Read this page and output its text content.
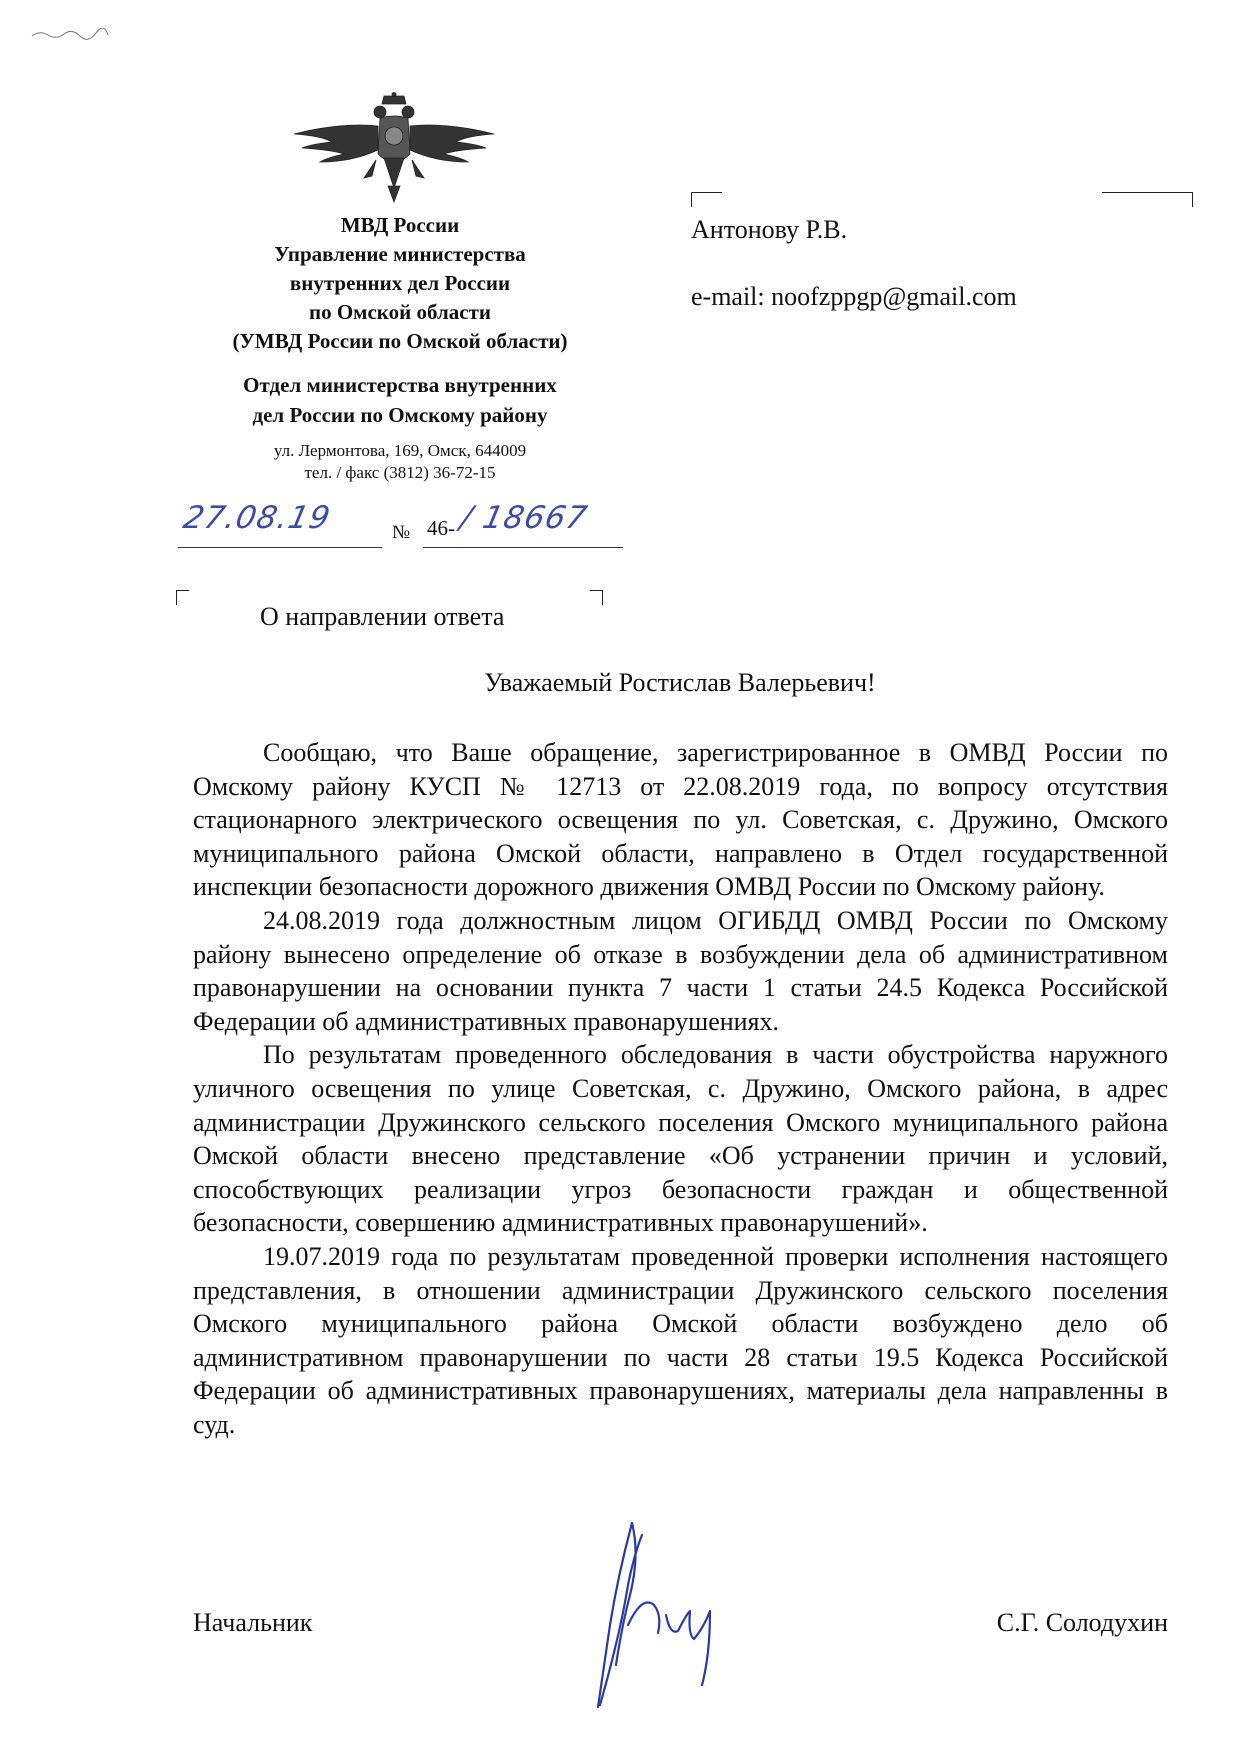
МВД России
Управление министерства
внутренних дел России
по Омской области
(УМВД России по Омской области)
Отдел министерства внутренних
дел России по Омскому району
ул. Лермонтова, 169, Омск, 644009
тел. / факс (3812) 36-72-15
27.08.19	№ 46- / 18667
Антонову Р.В.
e-mail: noofzppgp@gmail.com
О направлении ответа
Уважаемый Ростислав Валерьевич!

Сообщаю, что Ваше обращение, зарегистрированное в ОМВД России по Омскому району КУСП № 12713 от 22.08.2019 года, по вопросу отсутствия стационарного электрического освещения по ул. Советская, с. Дружино, Омского муниципального района Омской области, направлено в Отдел государственной инспекции безопасности дорожного движения ОМВД России по Омскому району.

24.08.2019 года должностным лицом ОГИБДД ОМВД России по Омскому району вынесено определение об отказе в возбуждении дела об административном правонарушении на основании пункта 7 части 1 статьи 24.5 Кодекса Российской Федерации об административных правонарушениях.

По результатам проведенного обследования в части обустройства наружного уличного освещения по улице Советская, с. Дружино, Омского района, в адрес администрации Дружинского сельского поселения Омского муниципального района Омской области внесено представление «Об устранении причин и условий, способствующих реализации угроз безопасности граждан и общественной безопасности, совершению административных правонарушений».

19.07.2019 года по результатам проведенной проверки исполнения настоящего представления, в отношении администрации Дружинского сельского поселения Омского муниципального района Омской области возбуждено дело об административном правонарушении по части 28 статьи 19.5 Кодекса Российской Федерации об административных правонарушениях, материалы дела направленны в суд.

Начальник	С.Г. Солодухин
